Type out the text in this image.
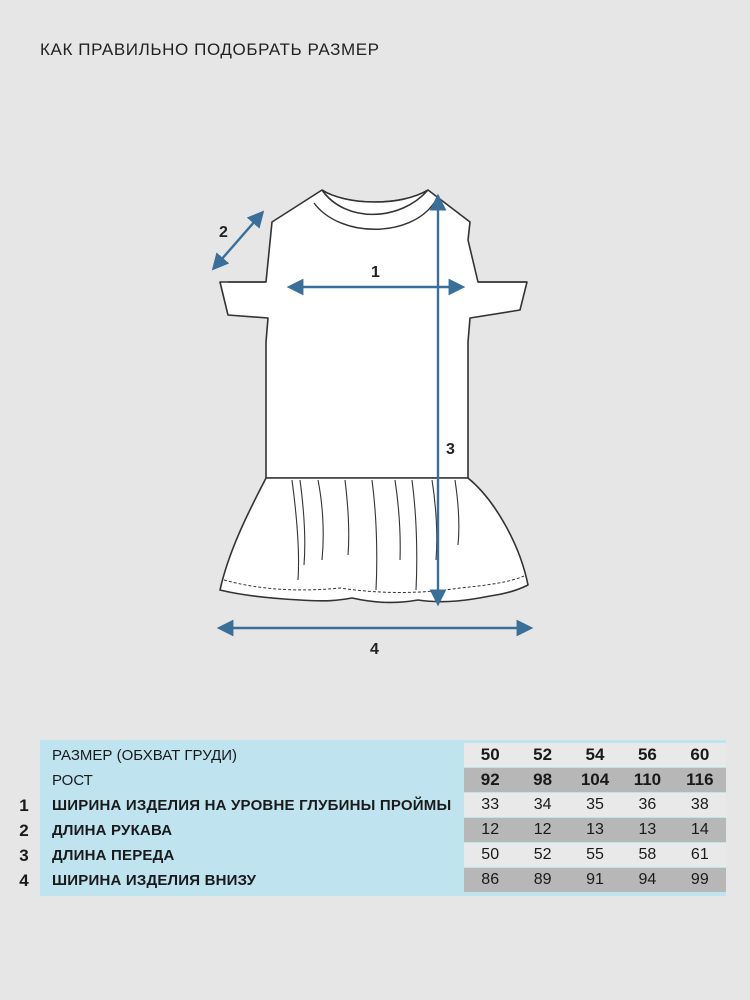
КАК ПРАВИЛЬНО ПОДОБРАТЬ РАЗМЕР
1
2
3
4
РАЗМЕР (ОБХВАТ ГРУДИ)	50	52	54	56	60
РОСТ	92	98	104	110	116
ШИРИНА ИЗДЕЛИЯ НА УРОВНЕ ГЛУБИНЫ ПРОЙМЫ	33	34	35	36	38
ДЛИНА РУКАВА	12	12	13	13	14
ДЛИНА ПЕРЕДА	50	52	55	58	61
ШИРИНА ИЗДЕЛИЯ ВНИЗУ	86	89	91	94	99
1
2
3
4
